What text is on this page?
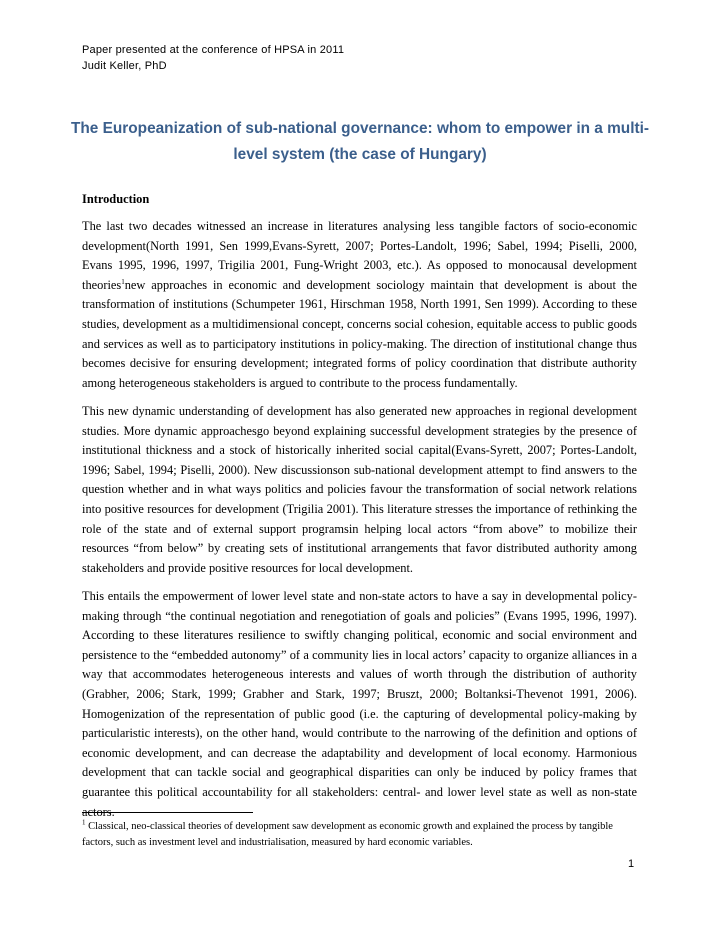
Paper presented at the conference of HPSA in 2011
Judit Keller, PhD
The Europeanization of sub-national governance: whom to empower in a multi-level system (the case of Hungary)
Introduction
The last two decades witnessed an increase in literatures analysing less tangible factors of socio-economic development(North 1991, Sen 1999,Evans-Syrett, 2007; Portes-Landolt, 1996; Sabel, 1994; Piselli, 2000, Evans 1995, 1996, 1997, Trigilia 2001, Fung-Wright 2003, etc.). As opposed to monocausal development theories$^1$new approaches in economic and development sociology maintain that development is about the transformation of institutions (Schumpeter 1961, Hirschman 1958, North 1991, Sen 1999). According to these studies, development as a multidimensional concept, concerns social cohesion, equitable access to public goods and services as well as to participatory institutions in policy-making. The direction of institutional change thus becomes decisive for ensuring development; integrated forms of policy coordination that distribute authority among heterogeneous stakeholders is argued to contribute to the process fundamentally.
This new dynamic understanding of development has also generated new approaches in regional development studies. More dynamic approachesgo beyond explaining successful development strategies by the presence of institutional thickness and a stock of historically inherited social capital(Evans-Syrett, 2007; Portes-Landolt, 1996; Sabel, 1994; Piselli, 2000). New discussionson sub-national development attempt to find answers to the question whether and in what ways politics and policies favour the transformation of social network relations into positive resources for development (Trigilia 2001). This literature stresses the importance of rethinking the role of the state and of external support programsin helping local actors “from above” to mobilize their resources “from below” by creating sets of institutional arrangements that favor distributed authority among stakeholders and provide positive resources for local development.
This entails the empowerment of lower level state and non-state actors to have a say in developmental policy-making through “the continual negotiation and renegotiation of goals and policies” (Evans 1995, 1996, 1997). According to these literatures resilience to swiftly changing political, economic and social environment and persistence to the “embedded autonomy” of a community lies in local actors’ capacity to organize alliances in a way that accommodates heterogeneous interests and values of worth through the distribution of authority (Grabher, 2006; Stark, 1999; Grabher and Stark, 1997; Bruszt, 2000; Boltanksi-Thevenot 1991, 2006). Homogenization of the representation of public good (i.e. the capturing of developmental policy-making by particularistic interests), on the other hand, would contribute to the narrowing of the definition and options of economic development, and can decrease the adaptability and development of local economy. Harmonious development that can tackle social and geographical disparities can only be induced by policy frames that guarantee this political accountability for all stakeholders: central- and lower level state as well as non-state actors.
$^1$ Classical, neo-classical theories of development saw development as economic growth and explained the process by tangible factors, such as investment level and industrialisation, measured by hard economic variables.
1
